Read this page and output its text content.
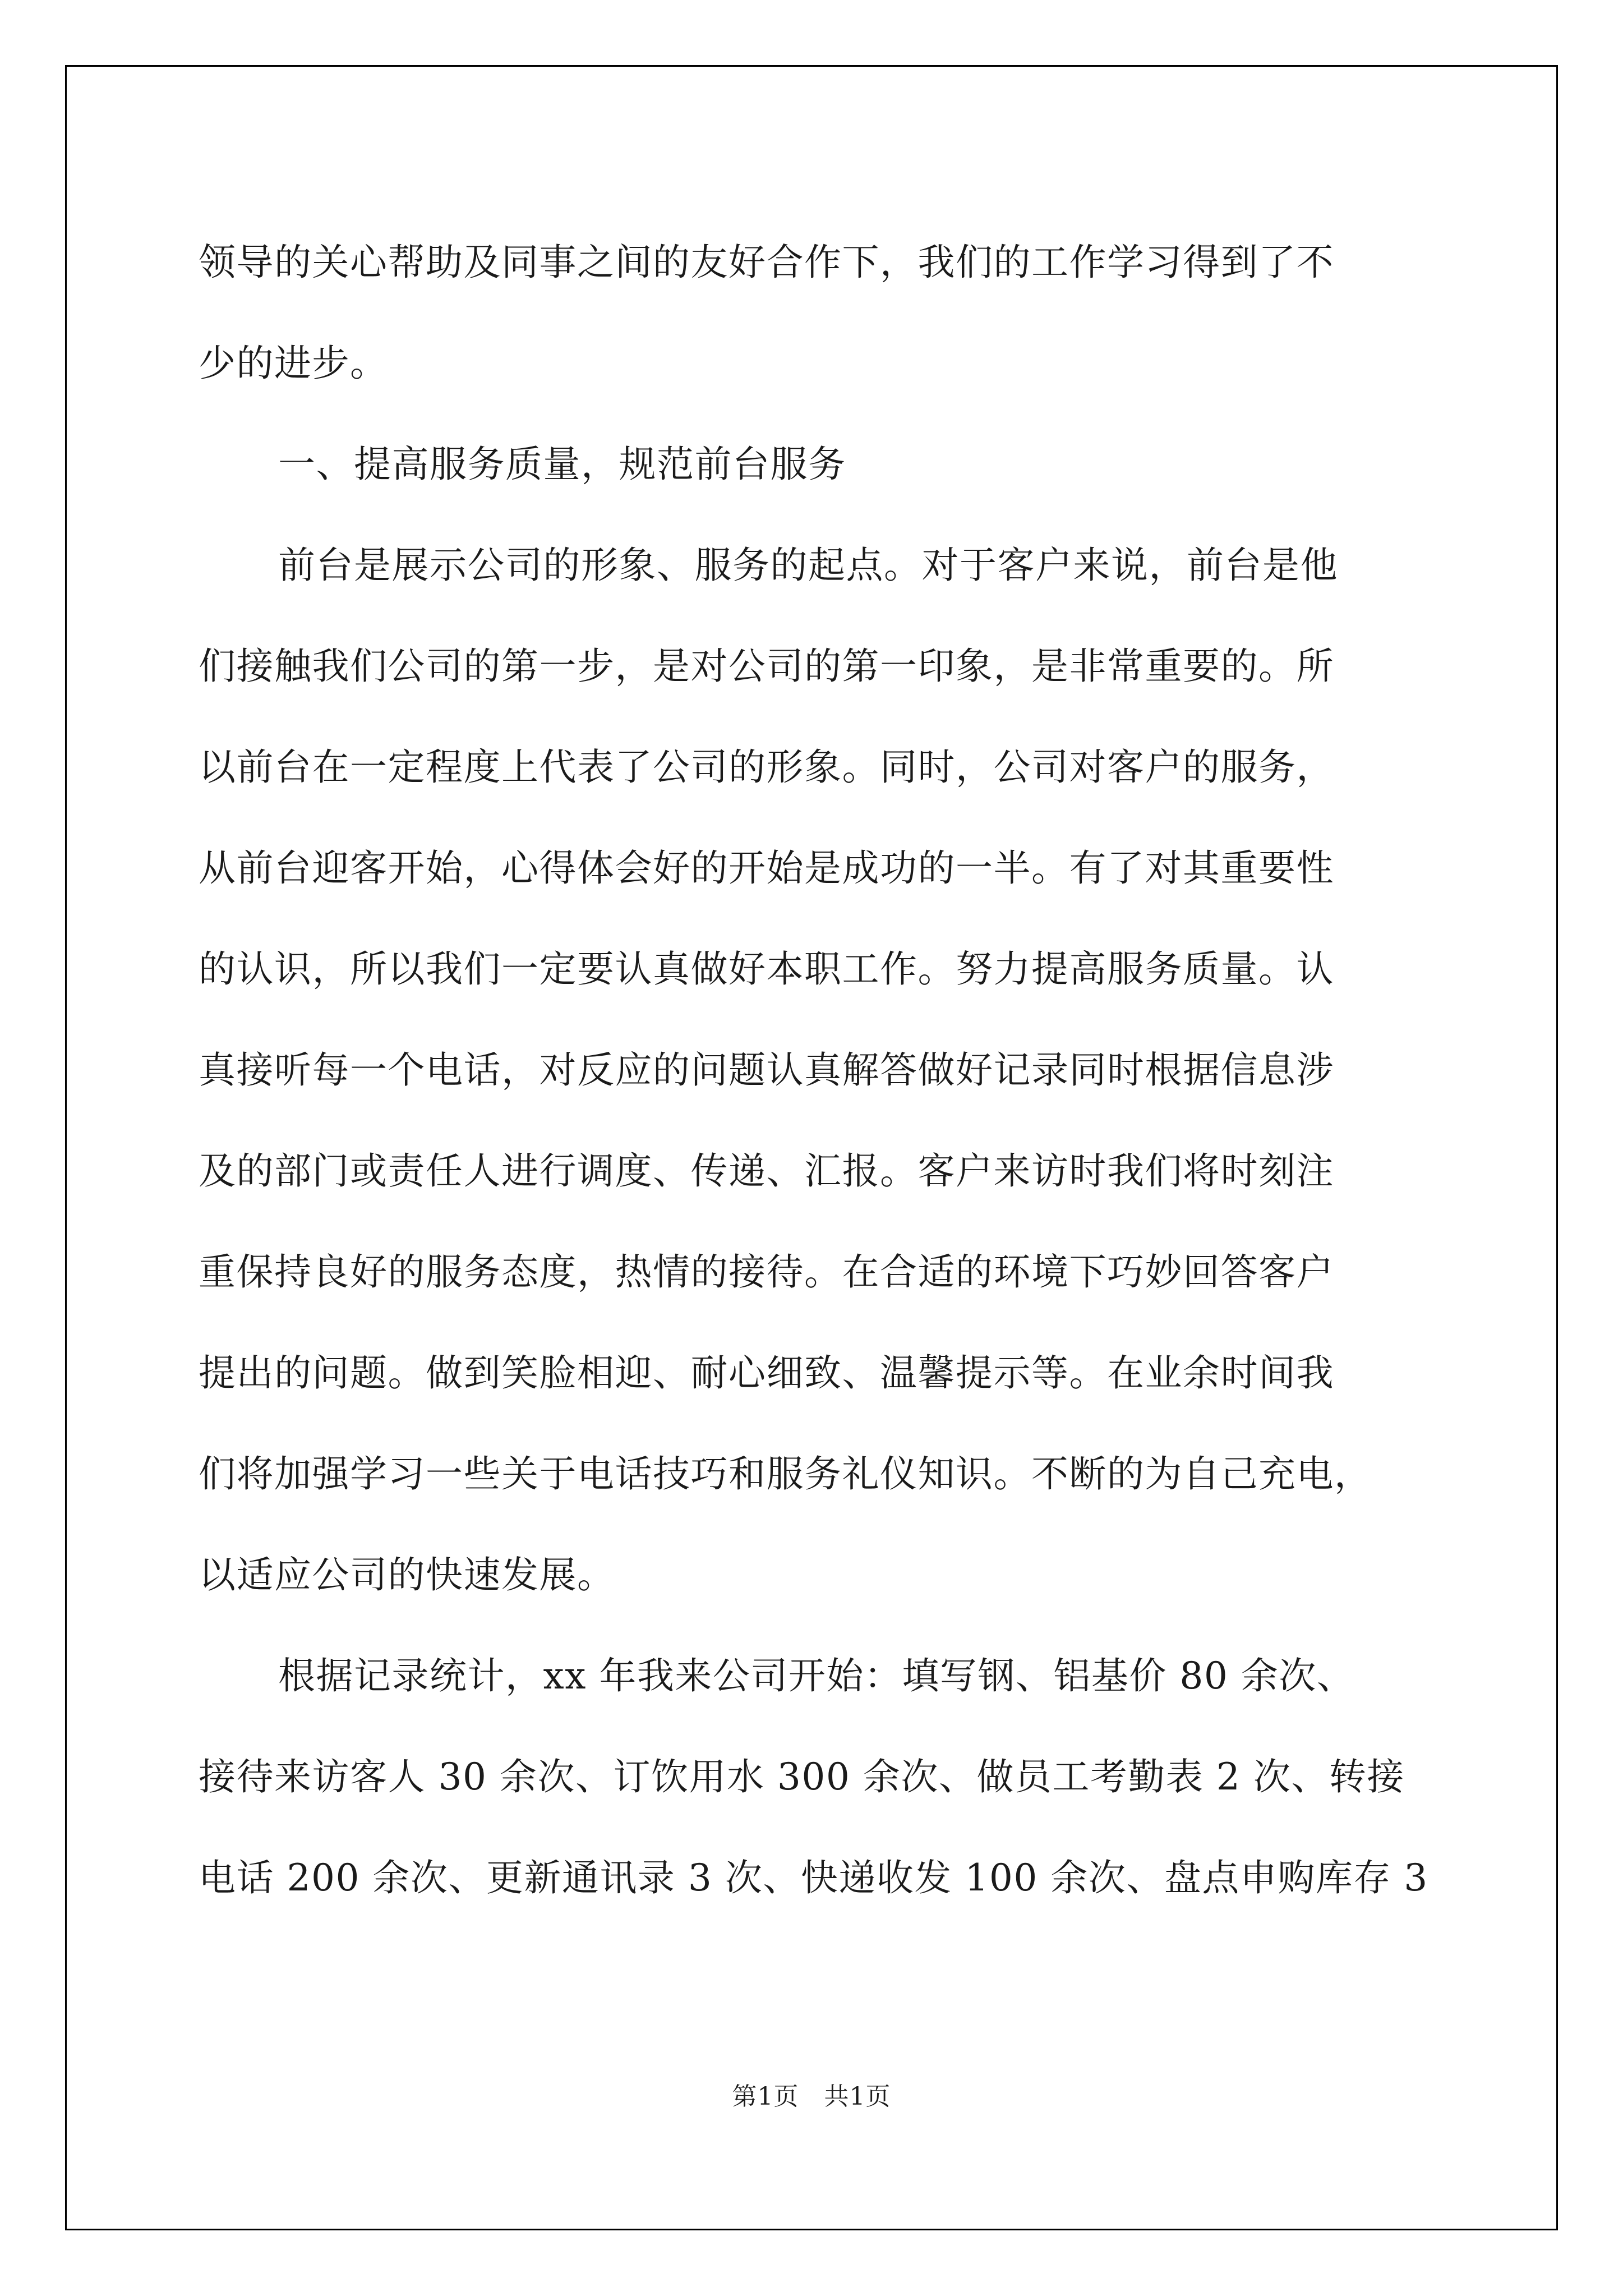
领导的关心帮助及同事之间的友好合作下，我们的工作学习得到了不
少的进步。
一、提高服务质量，规范前台服务
前台是展示公司的形象、服务的起点。对于客户来说，前台是他
们接触我们公司的第一步，是对公司的第一印象，是非常重要的。所
以前台在一定程度上代表了公司的形象。同时，公司对客户的服务，
从前台迎客开始，心得体会好的开始是成功的一半。有了对其重要性
的认识，所以我们一定要认真做好本职工作。努力提高服务质量。认
真接听每一个电话，对反应的问题认真解答做好记录同时根据信息涉
及的部门或责任人进行调度、传递、汇报。客户来访时我们将时刻注
重保持良好的服务态度，热情的接待。在合适的环境下巧妙回答客户
提出的问题。做到笑脸相迎、耐心细致、温馨提示等。在业余时间我
们将加强学习一些关于电话技巧和服务礼仪知识。不断的为自己充电，
以适应公司的快速发展。
根据记录统计，xx 年我来公司开始：填写钢、铝基价 80 余次、
接待来访客人 30 余次、订饮用水 300 余次、做员工考勤表 2 次、转接
电话 200 余次、更新通讯录 3 次、快递收发 100 余次、盘点申购库存 3
第1页   共1页
